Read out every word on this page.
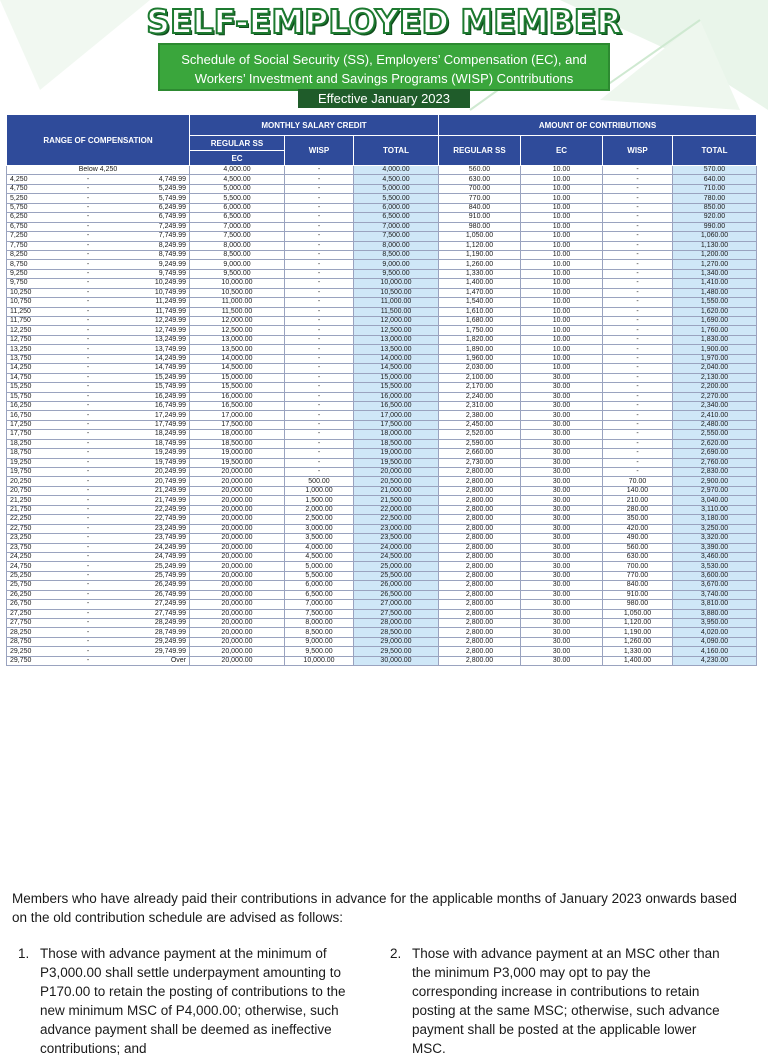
SELF-EMPLOYED MEMBER
Schedule of Social Security (SS), Employers’ Compensation (EC), and
Workers’ Investment and Savings Programs (WISP) Contributions
Effective January 2023
RANGE OF COMPENSATION	MONTHLY SALARY CREDIT			AMOUNT OF CONTRIBUTIONS			
	REGULAR SS	WISP	TOTAL	REGULAR SS	EC	WISP	TOTAL
	EC						
Below 4,250	4,000.00	-	4,000.00	560.00	10.00	-	570.00

4,250 - 4,749.99	4,500.00	-	4,500.00	630.00	10.00	-	640.00

4,750 - 5,249.99	5,000.00	-	5,000.00	700.00	10.00	-	710.00

5,250 - 5,749.99	5,500.00	-	5,500.00	770.00	10.00	-	780.00

5,750 - 6,249.99	6,000.00	-	6,000.00	840.00	10.00	-	850.00

6,250 - 6,749.99	6,500.00	-	6,500.00	910.00	10.00	-	920.00

6,750 - 7,249.99	7,000.00	-	7,000.00	980.00	10.00	-	990.00

7,250 - 7,749.99	7,500.00	-	7,500.00	1,050.00	10.00	-	1,060.00

7,750 - 8,249.99	8,000.00	-	8,000.00	1,120.00	10.00	-	1,130.00

8,250 - 8,749.99	8,500.00	-	8,500.00	1,190.00	10.00	-	1,200.00

8,750 - 9,249.99	9,000.00	-	9,000.00	1,260.00	10.00	-	1,270.00

9,250 - 9,749.99	9,500.00	-	9,500.00	1,330.00	10.00	-	1,340.00

9,750 - 10,249.99	10,000.00	-	10,000.00	1,400.00	10.00	-	1,410.00

10,250 - 10,749.99	10,500.00	-	10,500.00	1,470.00	10.00	-	1,480.00

10,750 - 11,249.99	11,000.00	-	11,000.00	1,540.00	10.00	-	1,550.00

11,250 - 11,749.99	11,500.00	-	11,500.00	1,610.00	10.00	-	1,620.00

11,750 - 12,249.99	12,000.00	-	12,000.00	1,680.00	10.00	-	1,690.00

12,250 - 12,749.99	12,500.00	-	12,500.00	1,750.00	10.00	-	1,760.00

12,750 - 13,249.99	13,000.00	-	13,000.00	1,820.00	10.00	-	1,830.00

13,250 - 13,749.99	13,500.00	-	13,500.00	1,890.00	10.00	-	1,900.00

13,750 - 14,249.99	14,000.00	-	14,000.00	1,960.00	10.00	-	1,970.00

14,250 - 14,749.99	14,500.00	-	14,500.00	2,030.00	10.00	-	2,040.00

14,750 - 15,249.99	15,000.00	-	15,000.00	2,100.00	30.00	-	2,130.00

15,250 - 15,749.99	15,500.00	-	15,500.00	2,170.00	30.00	-	2,200.00

15,750 - 16,249.99	16,000.00	-	16,000.00	2,240.00	30.00	-	2,270.00

16,250 - 16,749.99	16,500.00	-	16,500.00	2,310.00	30.00	-	2,340.00

16,750 - 17,249.99	17,000.00	-	17,000.00	2,380.00	30.00	-	2,410.00

17,250 - 17,749.99	17,500.00	-	17,500.00	2,450.00	30.00	-	2,480.00

17,750 - 18,249.99	18,000.00	-	18,000.00	2,520.00	30.00	-	2,550.00

18,250 - 18,749.99	18,500.00	-	18,500.00	2,590.00	30.00	-	2,620.00

18,750 - 19,249.99	19,000.00	-	19,000.00	2,660.00	30.00	-	2,690.00

19,250 - 19,749.99	19,500.00	-	19,500.00	2,730.00	30.00	-	2,760.00

19,750 - 20,249.99	20,000.00	-	20,000.00	2,800.00	30.00	-	2,830.00

20,250 - 20,749.99	20,000.00	500.00	20,500.00	2,800.00	30.00	70.00	2,900.00

20,750 - 21,249.99	20,000.00	1,000.00	21,000.00	2,800.00	30.00	140.00	2,970.00

21,250 - 21,749.99	20,000.00	1,500.00	21,500.00	2,800.00	30.00	210.00	3,040.00

21,750 - 22,249.99	20,000.00	2,000.00	22,000.00	2,800.00	30.00	280.00	3,110.00

22,250 - 22,749.99	20,000.00	2,500.00	22,500.00	2,800.00	30.00	350.00	3,180.00

22,750 - 23,249.99	20,000.00	3,000.00	23,000.00	2,800.00	30.00	420.00	3,250.00

23,250 - 23,749.99	20,000.00	3,500.00	23,500.00	2,800.00	30.00	490.00	3,320.00

23,750 - 24,249.99	20,000.00	4,000.00	24,000.00	2,800.00	30.00	560.00	3,390.00

24,250 - 24,749.99	20,000.00	4,500.00	24,500.00	2,800.00	30.00	630.00	3,460.00

24,750 - 25,249.99	20,000.00	5,000.00	25,000.00	2,800.00	30.00	700.00	3,530.00

25,250 - 25,749.99	20,000.00	5,500.00	25,500.00	2,800.00	30.00	770.00	3,600.00

25,750 - 26,249.99	20,000.00	6,000.00	26,000.00	2,800.00	30.00	840.00	3,670.00

26,250 - 26,749.99	20,000.00	6,500.00	26,500.00	2,800.00	30.00	910.00	3,740.00

26,750 - 27,249.99	20,000.00	7,000.00	27,000.00	2,800.00	30.00	980.00	3,810.00

27,250 - 27,749.99	20,000.00	7,500.00	27,500.00	2,800.00	30.00	1,050.00	3,880.00

27,750 - 28,249.99	20,000.00	8,000.00	28,000.00	2,800.00	30.00	1,120.00	3,950.00

28,250 - 28,749.99	20,000.00	8,500.00	28,500.00	2,800.00	30.00	1,190.00	4,020.00

28,750 - 29,249.99	20,000.00	9,000.00	29,000.00	2,800.00	30.00	1,260.00	4,090.00

29,250 - 29,749.99	20,000.00	9,500.00	29,500.00	2,800.00	30.00	1,330.00	4,160.00

29,750 - Over	20,000.00	10,000.00	30,000.00	2,800.00	30.00	1,400.00	4,230.00
Members who have already paid their contributions in advance for the applicable months of January 2023 onwards based on the old contribution schedule are advised as follows:
1. Those with advance payment at the minimum of
P3,000.00 shall settle underpayment amounting to
P170.00 to retain the posting of contributions to the
new minimum MSC of P4,000.00; otherwise, such
advance payment shall be deemed as ineffective
contributions; and
2. Those with advance payment at an MSC other than
the minimum P3,000 may opt to pay the
corresponding increase in contributions to retain
posting at the same MSC; otherwise, such advance
payment shall be posted at the applicable lower
MSC.
